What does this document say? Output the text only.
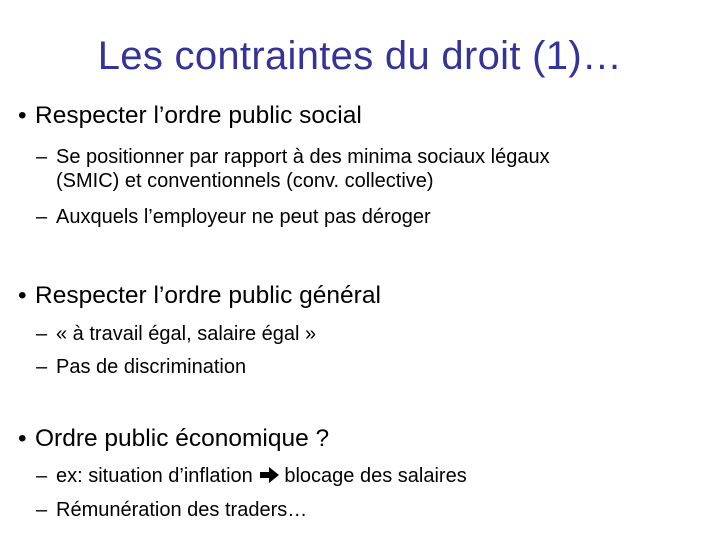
Les contraintes du droit (1)…
• Respecter l’ordre public social
– Se positionner par rapport à des minima sociaux légaux
(SMIC) et conventionnels (conv. collective)
– Auxquels l’employeur ne peut pas déroger
• Respecter l’ordre public général
– « à travail égal, salaire égal »
– Pas de discrimination
• Ordre public économique ?
– ex: situation d’inflation blocage des salaires
– Rémunération des traders…
